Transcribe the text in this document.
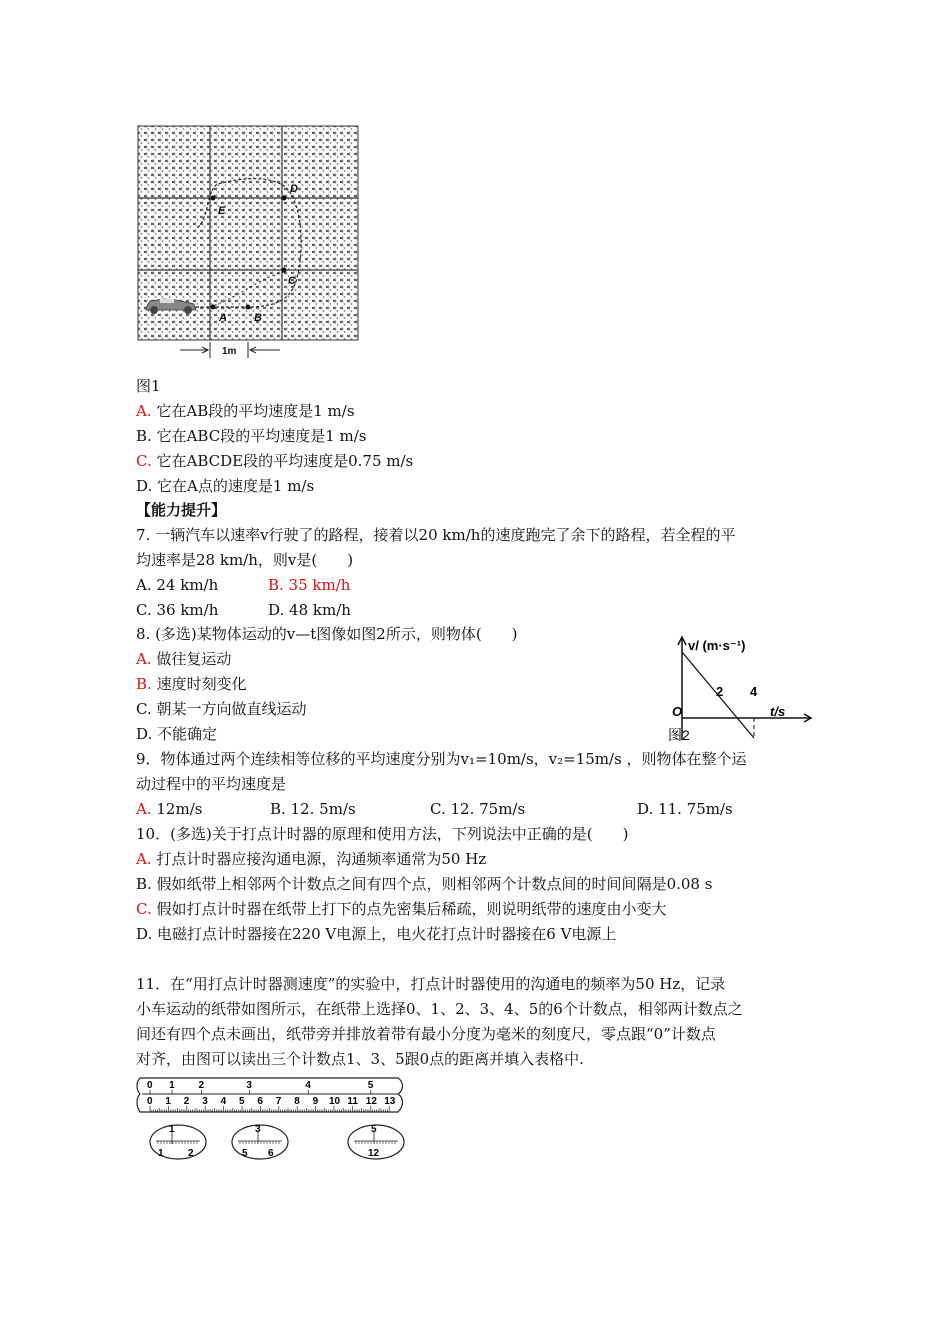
A B
C
D
E
1m
图1
A. 它在AB段的平均速度是1 m/s
B. 它在ABC段的平均速度是1 m/s
C. 它在ABCDE段的平均速度是0.75 m/s
D. 它在A点的速度是1 m/s
【能力提升】
7. 一辆汽车以速率v行驶了的路程，接着以20 km/h的速度跑完了余下的路程，若全程的平
均速率是28 km/h，则v是(　　)
A. 24 km/h	B. 35 km/h
C. 36 km/h	D. 48 km/h
8. (多选)某物体运动的v—t图像如图2所示，则物体(　　)
A. 做往复运动
B. 速度时刻变化
C. 朝某一方向做直线运动
D. 不能确定
v/ (m·s⁻¹)
O
2 4
t/s
图2
9．物体通过两个连续相等位移的平均速度分别为v₁=10m/s，v₂=15m/s ，则物体在整个运
动过程中的平均速度是
A. 12m/s	B. 12. 5m/s	C. 12. 75m/s	D. 11. 75m/s
10．(多选)关于打点计时器的原理和使用方法，下列说法中正确的是(　　)
A. 打点计时器应接沟通电源，沟通频率通常为50 Hz
B. 假如纸带上相邻两个计数点之间有四个点，则相邻两个计数点间的时间间隔是0.08 s
C. 假如打点计时器在纸带上打下的点先密集后稀疏，则说明纸带的速度由小变大
D. 电磁打点计时器接在220 V电源上，电火花打点计时器接在6 V电源上
11．在“用打点计时器测速度”的实验中，打点计时器使用的沟通电的频率为50 Hz，记录
小车运动的纸带如图所示，在纸带上选择0、1、2、3、4、5的6个计数点，相邻两计数点之
间还有四个点未画出，纸带旁并排放着带有最小分度为毫米的刻度尺，零点跟“0”计数点
对齐，由图可以读出三个计数点1、3、5跟0点的距离并填入表格中.
0 1 2	3	4	5
0 1 2 3 4 5 6 7 8 9 10 11 12 13
1
1 2
3
5 6
5
12
